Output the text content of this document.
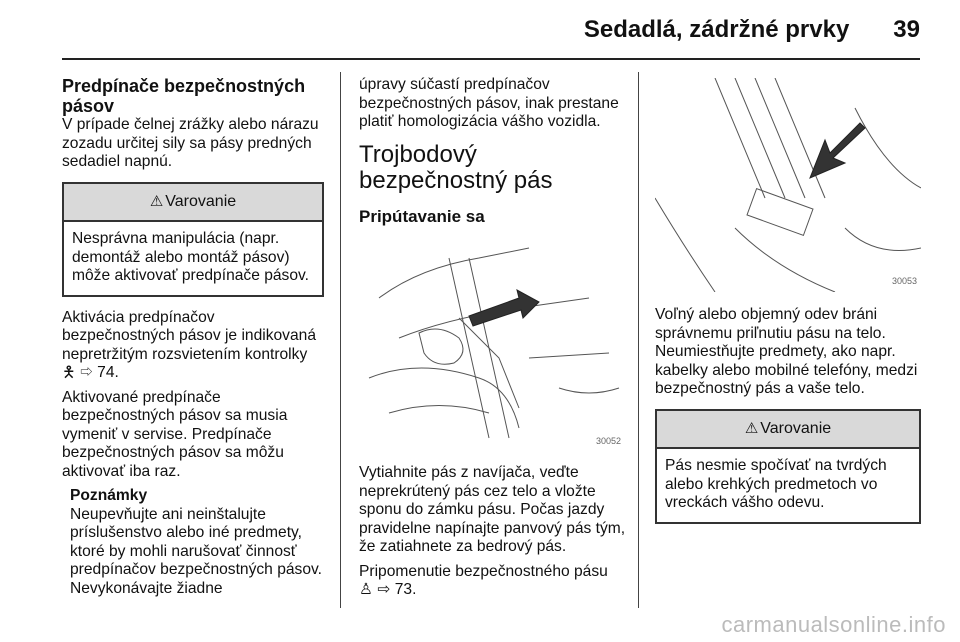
Sedadlá, zádržné prvky 39
Predpínače bezpečnostných pásov

V prípade čelnej zrážky alebo nárazu zozadu určitej sily sa pásy predných sedadiel napnú.

⚠ Varovanie
Nesprávna manipulácia (napr. demontáž alebo montáž pásov) môže aktivovať predpínače pásov.

Aktivácia predpínačov bezpečnostných pásov je indikovaná nepretržitým rozsvietením kontrolky 🯅 ⇨ 74.

Aktivované predpínače bezpečnostných pásov sa musia vymeniť v servise. Predpínače bezpečnostných pásov sa môžu aktivovať iba raz.

Poznámky
Neupevňujte ani neinštalujte príslušenstvo alebo iné predmety, ktoré by mohli narušovať činnosť predpínačov bezpečnostných pásov. Nevykonávajte žiadne

úpravy súčastí predpínačov bezpečnostných pásov, inak prestane platiť homologizácia vášho vozidla.

Trojbodový bezpečnostný pás
Pripútavanie sa
30052

Vytiahnite pás z navíjača, veďte neprekrútený pás cez telo a vložte sponu do zámku pásu. Počas jazdy pravidelne napínajte panvový pás tým, že zatiahnete za bedrový pás.

Pripomenutie bezpečnostného pásu
♙ ⇨ 73.

30053

Voľný alebo objemný odev bráni správnemu priľnutiu pásu na telo. Neumiestňujte predmety, ako napr. kabelky alebo mobilné telefóny, medzi bezpečnostný pás a vaše telo.

⚠ Varovanie
Pás nesmie spočívať na tvrdých alebo krehkých predmetoch vo vreckách vášho odevu.
carmanualsonline.info
